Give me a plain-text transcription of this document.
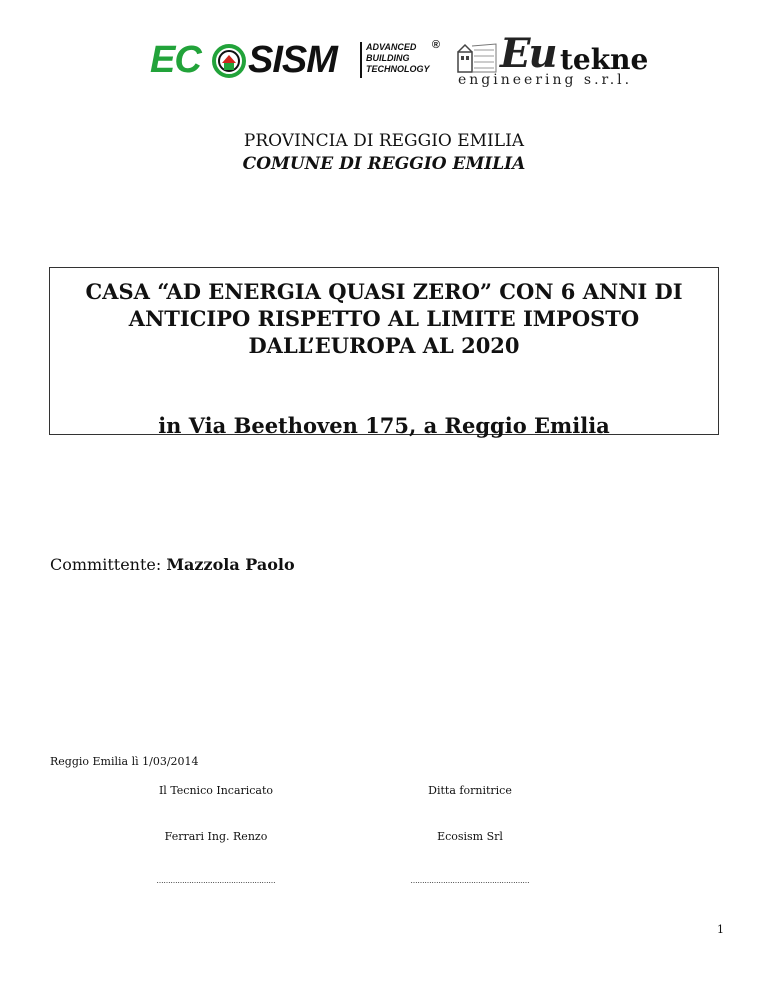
EC SISM	ADVANCED
BUILDING
TECHNOLOGY
® Eu tekne
engineering s.r.l.
PROVINCIA DI REGGIO EMILIA
COMUNE DI REGGIO EMILIA
CASA “AD ENERGIA QUASI ZERO” CON 6 ANNI DI
ANTICIPO RISPETTO AL LIMITE IMPOSTO
DALL’EUROPA AL 2020
in Via Beethoven 175, a Reggio Emilia
Committente: Mazzola Paolo
Reggio Emilia lì 1/03/2014
Il Tecnico Incaricato
Ferrari Ing. Renzo
……………………………………………
Ditta fornitrice
Ecosism Srl
……………………………………………
1
